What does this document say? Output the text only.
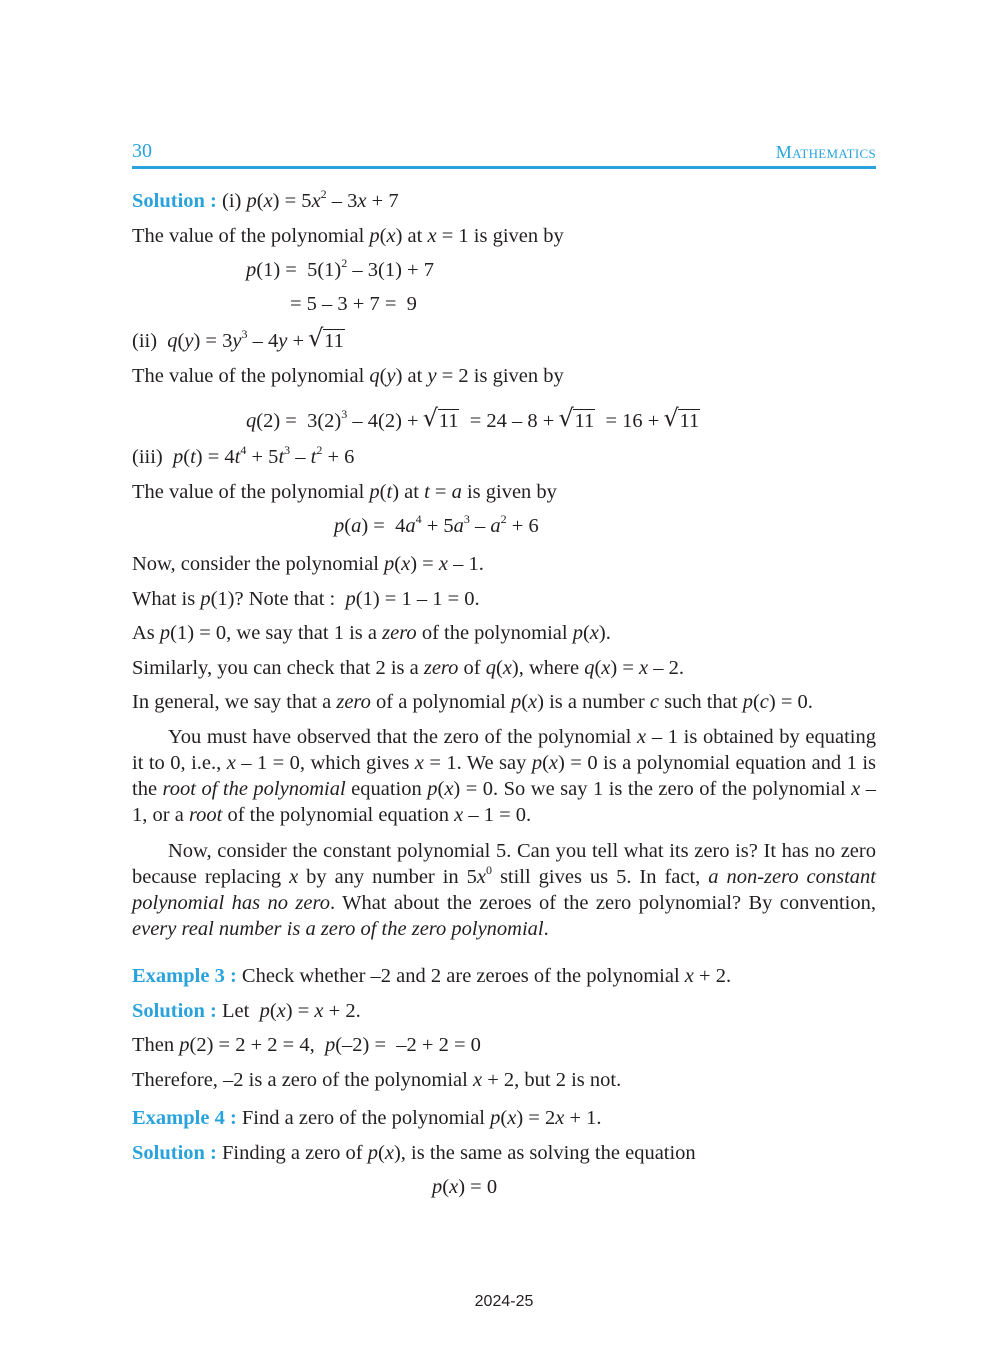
30	Mathematics
Solution : (i) $p(x) = 5x^2 - 3x + 7$
The value of the polynomial p(x) at x = 1 is given by
$p(1) = 5(1)^2 - 3(1) + 7$
= 5 – 3 + 7 =  9
(ii)  $q(y) = 3y^3 - 4y$ + √ 11
The value of the polynomial q(y) at y = 2 is given by
$q(2) = 3(2)^3 - 4(2)$ + √ 11  = 24 – 8 + √ 11  = 16 + √ 11
(iii)  $p(t) = 4t^4 + 5t^3 - t^2 + 6$
The value of the polynomial p(t) at t = a is given by
$p(a) = 4a^4 + 5a^3 - a^2 + 6$
Now, consider the polynomial p(x) = x – 1.
What is p(1)? Note that :  p(1) = 1 – 1 = 0.
As p(1) = 0, we say that 1 is a zero of the polynomial p(x).
Similarly, you can check that 2 is a zero of q(x), where q(x) = x – 2.
In general, we say that a zero of a polynomial p(x) is a number c such that p(c) = 0.
You must have observed that the zero of the polynomial x – 1 is obtained by equating it to 0, i.e., x – 1 = 0, which gives x = 1. We say p(x) = 0 is a polynomial equation and 1 is the root of the polynomial equation p(x) = 0. So we say 1 is the zero of the polynomial x – 1, or a root of the polynomial equation x – 1 = 0.
Now, consider the constant polynomial 5. Can you tell what its zero is? It has no zero because replacing x by any number in $5x^0$ still gives us 5. In fact, a non-zero constant polynomial has no zero. What about the zeroes of the zero polynomial? By convention, every real number is a zero of the zero polynomial.
Example 3 : Check whether –2 and 2 are zeroes of the polynomial x + 2.
Solution : Let  p(x) = x + 2.
Then p(2) = 2 + 2 = 4,  p(–2) =  –2 + 2 = 0
Therefore, –2 is a zero of the polynomial x + 2, but 2 is not.
Example 4 : Find a zero of the polynomial p(x) = 2x + 1.
Solution : Finding a zero of p(x), is the same as solving the equation
p(x) = 0
2024-25
